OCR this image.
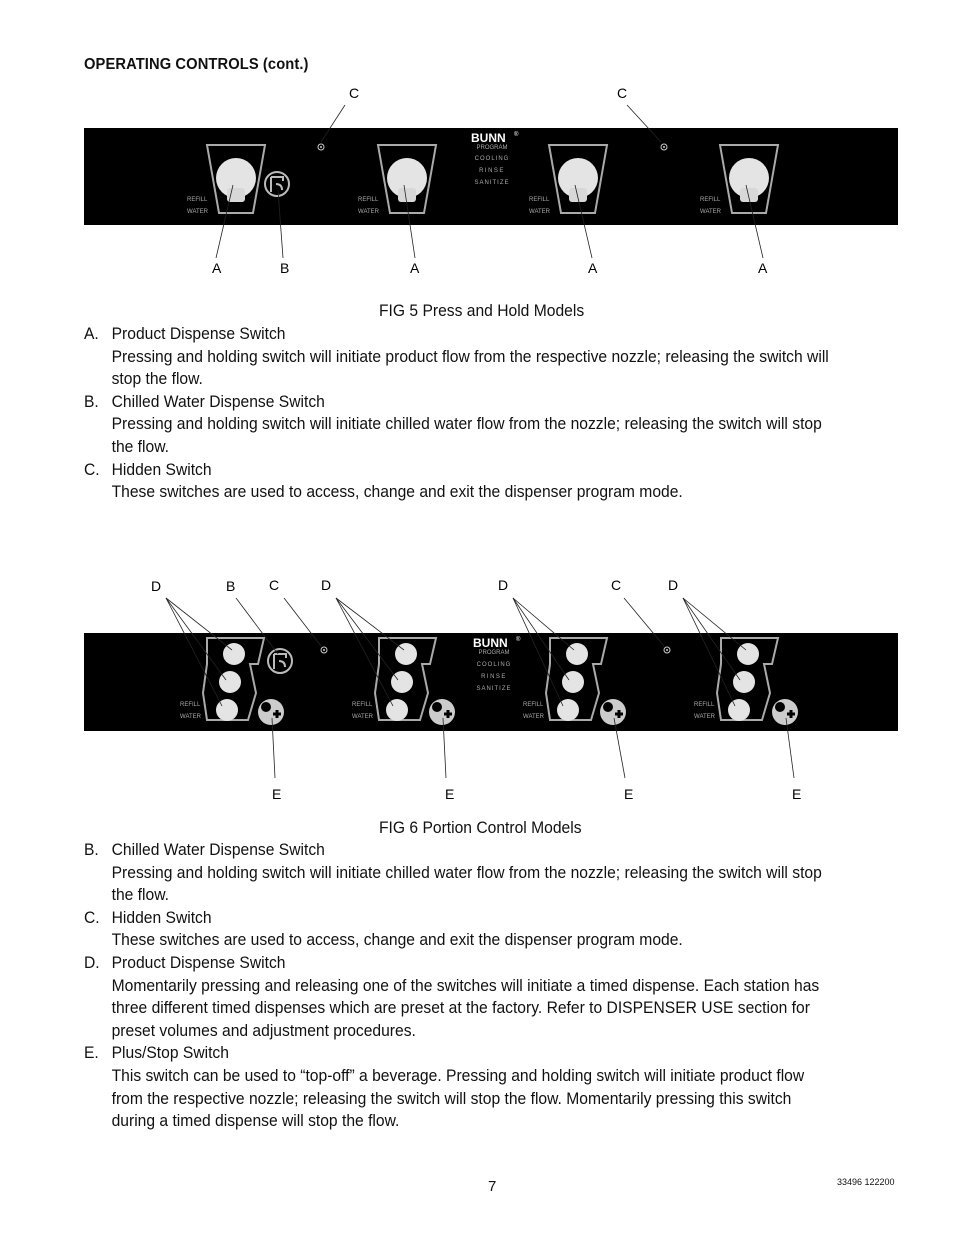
OPERATING CONTROLS (cont.)
C	C
BUNN ®
PROGRAM
COOLING
RINSE
SANITIZE
REFILL
WATER
REFILL
WATER
REFILL
WATER
REFILL
WATER
A	B	A	A	A
FIG 5 Press and Hold Models
A. Product Dispense Switch
Pressing and holding switch will initiate product flow from the respective nozzle; releasing the switch will stop the flow.
B. Chilled Water Dispense Switch
Pressing and holding switch will initiate chilled water flow from the nozzle; releasing the switch will stop the flow.
C. Hidden Switch
These switches are used to access, change and exit the dispenser program mode.
D	B C	D	D	C	D
BUNN ®
PROGRAM
COOLING
RINSE
SANITIZE
REFILL
WATER
REFILL
WATER
REFILL
WATER
REFILL
WATER
E	E	E	E
FIG 6 Portion Control Models
B. Chilled Water Dispense Switch
Pressing and holding switch will initiate chilled water flow from the nozzle; releasing the switch will stop the flow.
C. Hidden Switch
These switches are used to access, change and exit the dispenser program mode.
D. Product Dispense Switch
Momentarily pressing and releasing one of the switches will initiate a timed dispense. Each station has three different timed dispenses which are preset at the factory. Refer to DISPENSER USE section for preset volumes and adjustment procedures.
E. Plus/Stop Switch
This switch can be used to “top-off” a beverage. Pressing and holding switch will initiate product flow from the respective nozzle; releasing the switch will stop the flow. Momentarily pressing this switch during a timed dispense will stop the flow.
7	33496 122200
